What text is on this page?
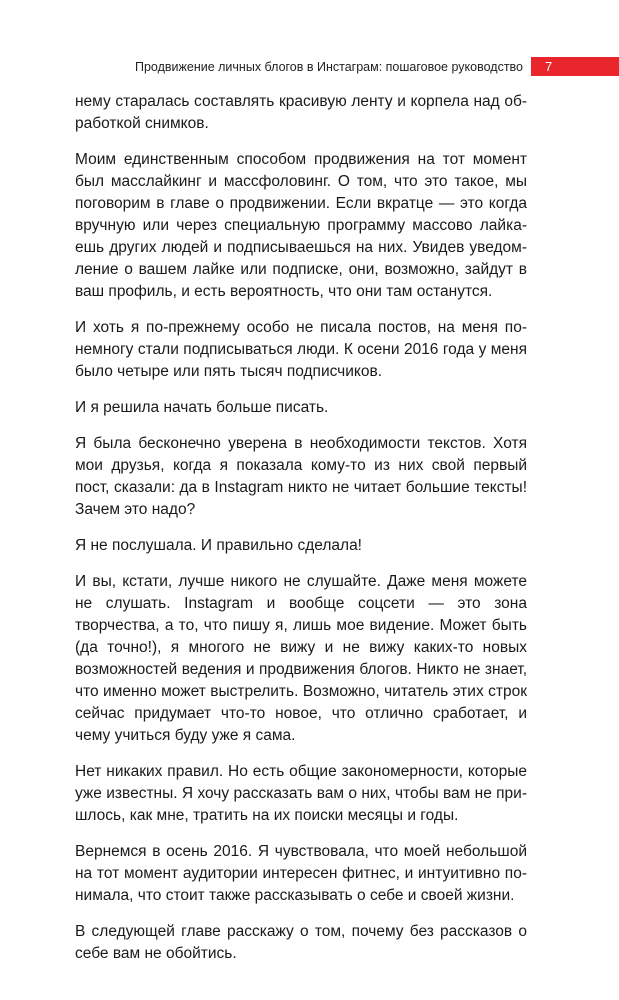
Продвижение личных блогов в Инстаграм: пошаговое руководство 7

нему старалась составлять красивую ленту и корпела над обработкой снимков.

Моим единственным способом продвижения на тот момент был масслайкинг и массфоловинг. О том, что это такое, мы поговорим в главе о продвижении. Если вкратце — это когда вручную или через специальную программу массово лайкаешь других людей и подписываешься на них. Увидев уведомление о вашем лайке или подписке, они, возможно, зайдут в ваш профиль, и есть вероятность, что они там останутся.

И хоть я по-прежнему особо не писала постов, на меня понемногу стали подписываться люди. К осени 2016 года у меня было четыре или пять тысяч подписчиков.

И я решила начать больше писать.

Я была бесконечно уверена в необходимости текстов. Хотя мои друзья, когда я показала кому-то из них свой первый пост, сказали: да в Instagram никто не читает большие тексты! Зачем это надо?

Я не послушала. И правильно сделала!

И вы, кстати, лучше никого не слушайте. Даже меня можете не слушать. Instagram и вообще соцсети — это зона творчества, а то, что пишу я, лишь мое видение. Может быть (да точно!), я многого не вижу и не вижу каких-то новых возможностей ведения и продвижения блогов. Никто не знает, что именно может выстрелить. Возможно, читатель этих строк сейчас придумает что-то новое, что отлично сработает, и чему учиться буду уже я сама.

Нет никаких правил. Но есть общие закономерности, которые уже известны. Я хочу рассказать вам о них, чтобы вам не пришлось, как мне, тратить на их поиски месяцы и годы.

Вернемся в осень 2016. Я чувствовала, что моей небольшой на тот момент аудитории интересен фитнес, и интуитивно понимала, что стоит также рассказывать о себе и своей жизни.

В следующей главе расскажу о том, почему без рассказов о себе вам не обойтись.
